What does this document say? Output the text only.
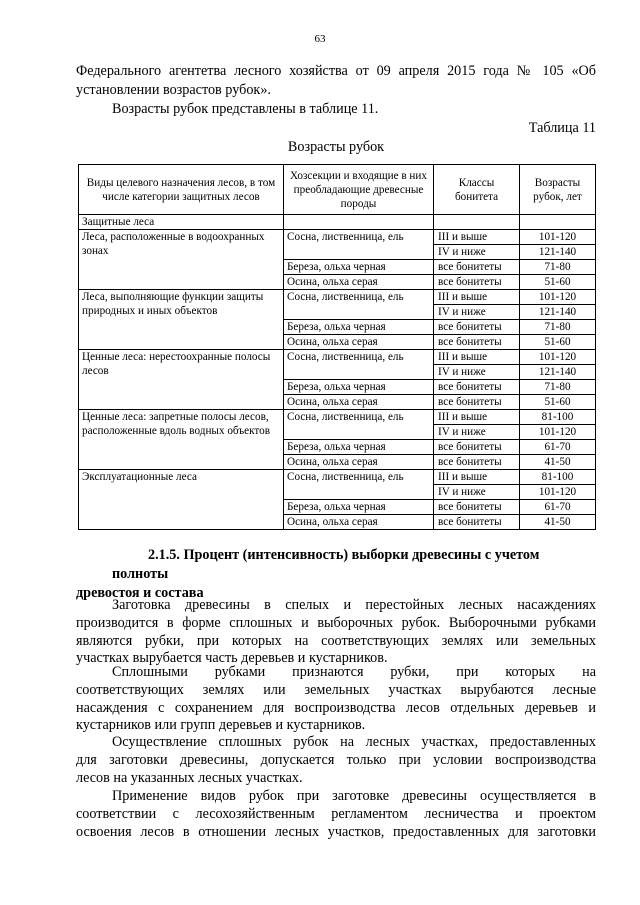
63
Федерального агентетва лесного хозяйства от 09 апреля 2015 года № 105 «Об
установлении возрастов рубок».
Возрасты рубок представлены в таблице 11.
Таблица 11
Возрасты рубок
Виды целевого назначения лесов, в том числе категории защитных лесов	Хозсекции и входящие в них преобладающие древесные породы	Классы бонитета	Возрасты рубок, лет
Защитные леса			
Леса, расположенные в водоохранных зонах	Сосна, лиственница, ель	III и выше	101-120
		IV и ниже	121-140
	Береза, ольха черная	все бонитеты	71-80
	Осина, ольха серая	все бонитеты	51-60
Леса, выполняющие функции защиты природных и иных объектов	Сосна, лиственница, ель	III и выше	101-120
		IV и ниже	121-140
	Береза, ольха черная	все бонитеты	71-80
	Осина, ольха серая	все бонитеты	51-60
Ценные леса: нерестоохранные полосы лесов	Сосна, лиственница, ель	III и выше	101-120
		IV и ниже	121-140
	Береза, ольха черная	все бонитеты	71-80
	Осина, ольха серая	все бонитеты	51-60
Ценные леса: запретные полосы лесов, расположенные вдоль водных объектов	Сосна, лиственница, ель	III и выше	81-100
		IV и ниже	101-120
	Береза, ольха черная	все бонитеты	61-70
	Осина, ольха серая	все бонитеты	41-50
Эксплуатационные леса	Сосна, лиственница, ель	III и выше	81-100
		IV и ниже	101-120
	Береза, ольха черная	все бонитеты	61-70
	Осина, ольха серая	все бонитеты	41-50
2.1.5. Процент (интенсивность) выборки древесины с учетом полноты
древостоя и состава
Заготовка древесины в спелых и перестойных лесных насаждениях
производится в форме сплошных и выборочных рубок. Выборочными рубками
являются рубки, при которых на соответствующих землях или земельных
участках вырубается часть деревьев и кустарников.
Сплошными рубками признаются рубки, при которых на
соответствующих землях или земельных участках вырубаются лесные
насаждения с сохранением для воспроизводства лесов отдельных деревьев и
кустарников или групп деревьев и кустарников.
Осуществление сплошных рубок на лесных участках, предоставленных
для заготовки древесины, допускается только при условии воспроизводства
лесов на указанных лесных участках.
Применение видов рубок при заготовке древесины осуществляется в
соответствии с лесохозяйственным регламентом лесничества и проектом
освоения лесов в отношении лесных участков, предоставленных для заготовки
